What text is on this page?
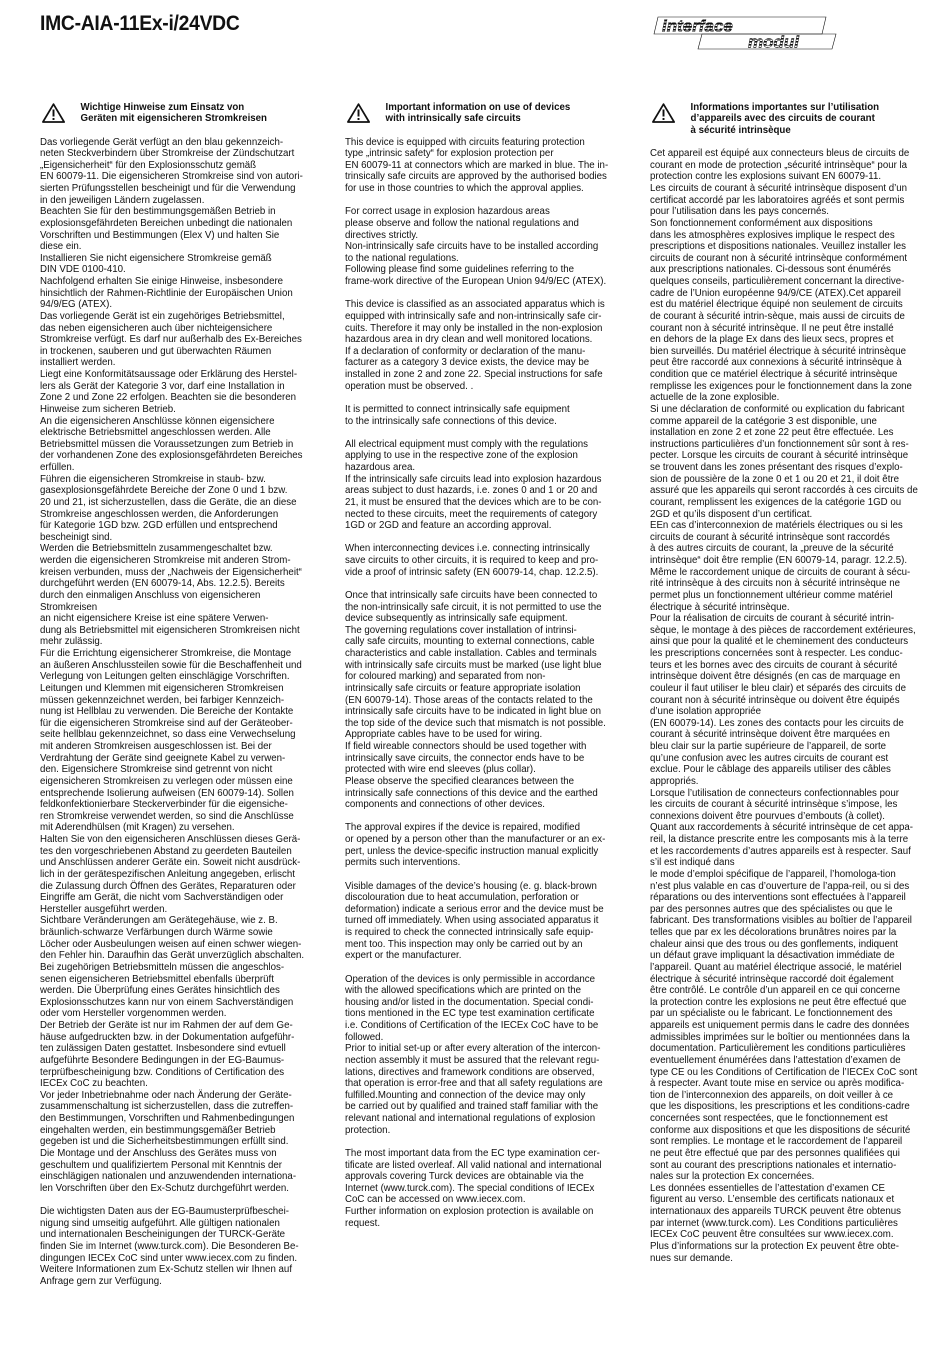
IMC-AIA-11Ex-i/24VDC	interface
modul

Wichtige Hinweise zum Einsatz von
Geräten mit eigensicheren Stromkreisen

Das vorliegende Gerät verfügt an den blau gekennzeich-
neten Steckverbindern über Stromkreise der Zündschutzart
„Eigensicherheit“ für den Explosionsschutz gemäß
EN 60079-11. Die eigensicheren Stromkreise sind von autori-
sierten Prüfungsstellen bescheinigt und für die Verwendung
in den jeweiligen Ländern zugelassen.
Beachten Sie für den bestimmungsgemäßen Betrieb in
explosionsgefährdeten Bereichen unbedingt die nationalen
Vorschriften und Bestimmungen (Elex V) und halten Sie
diese ein.
Installieren Sie nicht eigensichere Stromkreise gemäß
DIN VDE 0100-410.
Nachfolgend erhalten Sie einige Hinweise, insbesondere
hinsichtlich der Rahmen-Richtlinie der Europäischen Union
94/9/EG (ATEX).
Das vorliegende Gerät ist ein zugehöriges Betriebsmittel,
das neben eigensicheren auch über nichteigensichere
Stromkreise verfügt. Es darf nur außerhalb des Ex-Bereiches
in trockenen, sauberen und gut überwachten Räumen
installiert werden.
Liegt eine Konformitätsaussage oder Erklärung des Herstel-
lers als Gerät der Kategorie 3 vor, darf eine Installation in
Zone 2 und Zone 22 erfolgen. Beachten sie die besonderen
Hinweise zum sicheren Betrieb.
An die eigensicheren Anschlüsse können eigensichere
elektrische Betriebsmittel angeschlossen werden. Alle
Betriebsmittel müssen die Voraussetzungen zum Betrieb in
der vorhandenen Zone des explosionsgefährdeten Bereiches
erfüllen.
Führen die eigensicheren Stromkreise in staub- bzw.
gasexplosionsgefährdete Bereiche der Zone 0 und 1 bzw.
20 und 21, ist sicherzustellen, dass die Geräte, die an diese
Stromkreise angeschlossen werden, die Anforderungen
für Kategorie 1GD bzw. 2GD erfüllen und entsprechend
bescheinigt sind.
Werden die Betriebsmitteln zusammengeschaltet bzw.
werden die eigensicheren Stromkreise mit anderen Strom-
kreisen verbunden, muss der „Nachweis der Eigensicherheit“
durchgeführt werden (EN 60079-14, Abs. 12.2.5). Bereits
durch den einmaligen Anschluss von eigensicheren Stromkreisen
an nicht eigensichere Kreise ist eine spätere Verwen-
dung als Betriebsmittel mit eigensicheren Stromkreisen nicht
mehr zulässig.
Für die Errichtung eigensicherer Stromkreise, die Montage
an äußeren Anschlussteilen sowie für die Beschaffenheit und
Verlegung von Leitungen gelten einschlägige Vorschriften.
Leitungen und Klemmen mit eigensicheren Stromkreisen
müssen gekennzeichnet werden, bei farbiger Kennzeich-
nung ist Hellblau zu verwenden. Die Bereiche der Kontakte
für die eigensicheren Stromkreise sind auf der Geräteober-
seite hellblau gekennzeichnet, so dass eine Verwechselung
mit anderen Stromkreisen ausgeschlossen ist. Bei der
Verdrahtung der Geräte sind geeignete Kabel zu verwen-
den. Eigensichere Stromkreise sind getrennt von nicht
eigensicheren Stromkreisen zu verlegen oder müssen eine
entsprechende Isolierung aufweisen (EN 60079-14). Sollen
feldkonfektionierbare Steckerverbinder für die eigensiche-
ren Stromkreise verwendet werden, so sind die Anschlüsse
mit Aderendhülsen (mit Kragen) zu versehen.
Halten Sie von den eigensicheren Anschlüssen dieses Gerä-
tes den vorgeschriebenen Abstand zu geerdeten Bauteilen
und Anschlüssen anderer Geräte ein. Soweit nicht ausdrück-
lich in der gerätespezifischen Anleitung angegeben, erlischt
die Zulassung durch Öffnen des Gerätes, Reparaturen oder
Eingriffe am Gerät, die nicht vom Sachverständigen oder
Hersteller ausgeführt werden.
Sichtbare Veränderungen am Gerätegehäuse, wie z. B.
bräunlich-schwarze Verfärbungen durch Wärme sowie
Löcher oder Ausbeulungen weisen auf einen schwer wiegen-
den Fehler hin. Daraufhin das Gerät unverzüglich abschalten.
Bei zugehörigen Betriebsmitteln müssen die angeschlos-
senen eigensicheren Betriebsmittel ebenfalls überprüft
werden. Die Überprüfung eines Gerätes hinsichtlich des
Explosionsschutzes kann nur von einem Sachverständigen
oder vom Hersteller vorgenommen werden.
Der Betrieb der Geräte ist nur im Rahmen der auf dem Ge-
häuse aufgedruckten bzw. in der Dokumentation aufgeführ-
ten zulässigen Daten gestattet. Insbesondere sind evtuell
aufgeführte Besondere Bedingungen in der EG-Baumus-
terprüfbescheinigung bzw. Conditions of Certification des
IECEx CoC zu beachten.
Vor jeder Inbetriebnahme oder nach Änderung der Geräte-
zusammenschaltung ist sicherzustellen, dass die zutreffen-
den Bestimmungen, Vorschriften und Rahmenbedingungen
eingehalten werden, ein bestimmungsgemäßer Betrieb
gegeben ist und die Sicherheitsbestimmungen erfüllt sind.
Die Montage und der Anschluss des Gerätes muss von
geschultem und qualifiziertem Personal mit Kenntnis der
einschlägigen nationalen und anzuwendenden internationa-
len Vorschriften über den Ex-Schutz durchgeführt werden.

Die wichtigsten Daten aus der EG-Baumusterprüfbeschei-
nigung sind umseitig aufgeführt. Alle gültigen nationalen
und internationalen Bescheinigungen der TURCK-Geräte
finden Sie im Internet (www.turck.com). Die Besonderen Be-
dingungen IECEx CoC sind unter www.iecex.com zu finden.
Weitere Informationen zum Ex-Schutz stellen wir Ihnen auf
Anfrage gern zur Verfügung.

Important information on use of devices
with intrinsically safe circuits

This device is equipped with circuits featuring protection
type „intrinsic safety“ for explosion protection per
EN 60079-11 at connectors which are marked in blue. The in-
trinsically safe circuits are approved by the authorised bodies
for use in those countries to which the approval applies.

For correct usage in explosion hazardous areas
please observe and follow the national regulations and
directives strictly.
Non-intrinsically safe circuits have to be installed according
to the national regulations.
Following please find some guidelines referring to the
frame-work directive of the European Union 94/9/EC (ATEX).

This device is classified as an associated apparatus which is
equipped with intrinsically safe and non-intrinsically safe cir-
cuits. Therefore it may only be installed in the non-explosion
hazardous area in dry clean and well monitored locations.
If a declaration of conformity or declaration of the manu-
facturer as a category 3 device exists, the device may be
installed in zone 2 and zone 22. Special instructions for safe
operation must be observed. .

It is permitted to connect intrinsically safe equipment
to the intrinsically safe connections of this device.

All electrical equipment must comply with the regulations
applying to use in the respective zone of the explosion
hazardous area.
If the intrinsically safe circuits lead into explosion hazardous
areas subject to dust hazards, i.e. zones 0 and 1 or 20 and
21, it must be ensured that the devices which are to be con-
nected to these circuits, meet the requirements of category
1GD or 2GD and feature an according approval.

When interconnecting devices i.e. connecting intrinsically
save circuits to other circuits, it is required to keep and pro-
vide a proof of intrinsic safety (EN 60079-14, chap. 12.2.5).

Once that intrinsically safe circuits have been connected to
the non-intrinsically safe circuit, it is not permitted to use the
device subsequently as intrinsically safe equipment.
The governing regulations cover installation of intrinsi-
cally safe circuits, mounting to external connections, cable
characteristics and cable installation. Cables and terminals
with intrinsically safe circuits must be marked (use light blue
for coloured marking) and separated from non-
intrinsically safe circuits or feature appropriate isolation
(EN 60079-14). Those areas of the contacts related to the
intrinsically safe circuits have to be indicated in light blue on
the top side of the device such that mismatch is not possible.
Appropriate cables have to be used for wiring.
If field wireable connectors should be used together with
intrinsically save circuits, the connector ends have to be
protected with wire end sleeves (plus collar).
Please observe the specified clearances between the
intrinsically safe connections of this device and the earthed
components and connections of other devices.

The approval expires if the device is repaired, modified
or opened by a person other than the manufacturer or an ex-
pert, unless the device-specific instruction manual explicitly
permits such interventions.

Visible damages of the device’s housing (e. g. black-brown
discolouration due to heat accumulation, perforation or
deformation) indicate a serious error and the device must be
turned off immediately. When using associated apparatus it
is required to check the connected intrinsically safe equip-
ment too. This inspection may only be carried out by an
expert or the manufacturer.

Operation of the devices is only permissible in accordance
with the allowed specifications which are printed on the
housing and/or listed in the documentation. Special condi-
tions mentioned in the EC type test examination certificate
i.e. Conditions of Certification of the IECEx CoC have to be
followed.
Prior to initial set-up or after every alteration of the intercon-
nection assembly it must be assured that the relevant regu-
lations, directives and framework conditions are observed,
that operation is error-free and that all safety regulations are
fulfilled.Mounting and connection of the device may only
be carried out by qualified and trained staff familiar with the
relevant national and international regulations of explosion
protection.

The most important data from the EC type examination cer-
tificate are listed overleaf. All valid national and international
approvals covering Turck devices are obtainable via the
Internet (www.turck.com). The special conditions of IECEx
CoC can be accessed on www.iecex.com.
Further information on explosion protection is available on
request.

Informations importantes sur l’utilisation
d’appareils avec des circuits de courant
à sécurité intrinsèque

Cet appareil est équipé aux connecteurs bleus de circuits de
courant en mode de protection „sécurité intrinsèque“ pour la
protection contre les explosions suivant EN 60079-11.
Les circuits de courant à sécurité intrinsèque disposent d’un
certificat accordé par les laboratoires agréés et sont permis
pour l’utilisation dans les pays concernés.
Son fonctionnement conformément aux dispositions
dans les atmosphères explosives implique le respect des
prescriptions et dispositions nationales. Veuillez installer les
circuits de courant non à sécurité intrinsèque conformément
aux prescriptions nationales. Ci-dessous sont énumérés
quelques conseils, particulièrement concernant la directive-
cadre de l’Union européenne 94/9/CE (ATEX).Cet appareil
est du matériel électrique équipé non seulement de circuits
de courant à sécurité intrin-sèque, mais aussi de circuits de
courant non à sécurité intrinsèque. Il ne peut être installé
en dehors de la plage Ex dans des lieux secs, propres et
bien surveillés. Du matériel électrique à sécurité intrinsèque
peut être raccordé aux connexions à sécurité intrinsèque à
condition que ce matériel électrique à sécurité intrinsèque
remplisse les exigences pour le fonctionnement dans la zone
actuelle de la zone explosible.
Si une déclaration de conformité ou explication du fabricant
comme appareil de la catégorie 3 est disponible, une
installation en zone 2 et zone 22 peut être effectuée. Les
instructions particulières d’un fonctionnement sûr sont à res-
pecter. Lorsque les circuits de courant à sécurité intrinsèque
se trouvent dans les zones présentant des risques d’explo-
sion de poussière de la zone 0 et 1 ou 20 et 21, il doit être
assuré que les appareils qui seront raccordés à ces circuits de
courant, remplissent les exigences de la catégorie 1GD ou
2GD et qu’ils disposent d’un certificat.
EEn cas d’interconnexion de matériels électriques ou si les
circuits de courant à sécurité intrinsèque sont raccordés
à des autres circuits de courant, la „preuve de la sécurité
intrinsèque“ doit être remplie (EN 60079-14, paragr. 12.2.5).
Même le raccordement unique de circuits de courant à sécu-
rité intrinsèque à des circuits non à sécurité intrinsèque ne
permet plus un fonctionnement ultérieur comme matériel
électrique à sécurité intrinsèque.
Pour la réalisation de circuits de courant à sécurité intrin-
sèque, le montage à des pièces de raccordement extérieures,
ainsi que pour la qualité et le cheminement des conducteurs
les prescriptions concernées sont à respecter. Les conduc-
teurs et les bornes avec des circuits de courant à sécurité
intrinsèque doivent être désignés (en cas de marquage en
couleur il faut utiliser le bleu clair) et séparés des circuits de
courant non à sécurité intrinsèque ou doivent être équipés
d’une isolation appropriée
(EN 60079-14). Les zones des contacts pour les circuits de
courant à sécurité intrinsèque doivent être marquées en
bleu clair sur la partie supérieure de l’appareil, de sorte
qu’une confusion avec les autres circuits de courant est
exclue. Pour le câblage des appareils utiliser des câbles
appropriés.
Lorsque l’utilisation de connecteurs confectionnables pour
les circuits de courant à sécurité intrinsèque s’impose, les
connexions doivent être pourvues d’embouts (à collet).
Quant aux raccordements à sécurité intrinsèque de cet appa-
reil, la distance prescrite entre les composants mis à la terre
et les raccordements d’autres appareils est à respecter. Sauf
s’il est indiqué dans
le mode d’emploi spécifique de l’appareil, l’homologa-tion
n’est plus valable en cas d’ouverture de l’appa-reil, ou si des
réparations ou des interventions sont effectuées à l’appareil
par des personnes autres que des spécialistes ou que le
fabricant. Des transformations visibles au boîtier de l’appareil
telles que par ex les décolorations brunâtres noires par la
chaleur ainsi que des trous ou des gonflements, indiquent
un défaut grave impliquant la désactivation immédiate de
l’appareil. Quant au matériel électrique associé, le matériel
électrique à sécurité intrinsèque raccordé doit également
être contrôlé. Le contrôle d’un appareil en ce qui concerne
la protection contre les explosions ne peut être effectué que
par un spécialiste ou le fabricant. Le fonctionnement des
appareils est uniquement permis dans le cadre des données
admissibles imprimées sur le boîtier ou mentionnées dans la
documentation. Particulièrement les conditions particulières
eventuellement énumérées dans l’attestation d’examen de
type CE ou les Conditions of Certification de l’IECEx CoC sont
à respecter. Avant toute mise en service ou après modifica-
tion de l’interconnexion des appareils, on doit veiller à ce
que les dispositions, les prescriptions et les conditions-cadre
concernées sont respectées, que le fonctionnement est
conforme aux dispositions et que les dispositions de sécurité
sont remplies. Le montage et le raccordement de l’appareil
ne peut être effectué que par des personnes qualifiées qui
sont au courant des prescriptions nationales et internatio-
nales sur la protection Ex concernées.
Les données essentielles de l’attestation d’examen CE
figurent au verso. L’ensemble des certificats nationaux et
internationaux des appareils TURCK peuvent être obtenus
par internet (www.turck.com). Les Conditions particulières
IECEx CoC peuvent être consultées sur www.iecex.com.
Plus d’informations sur la protection Ex peuvent être obte-
nues sur demande.
